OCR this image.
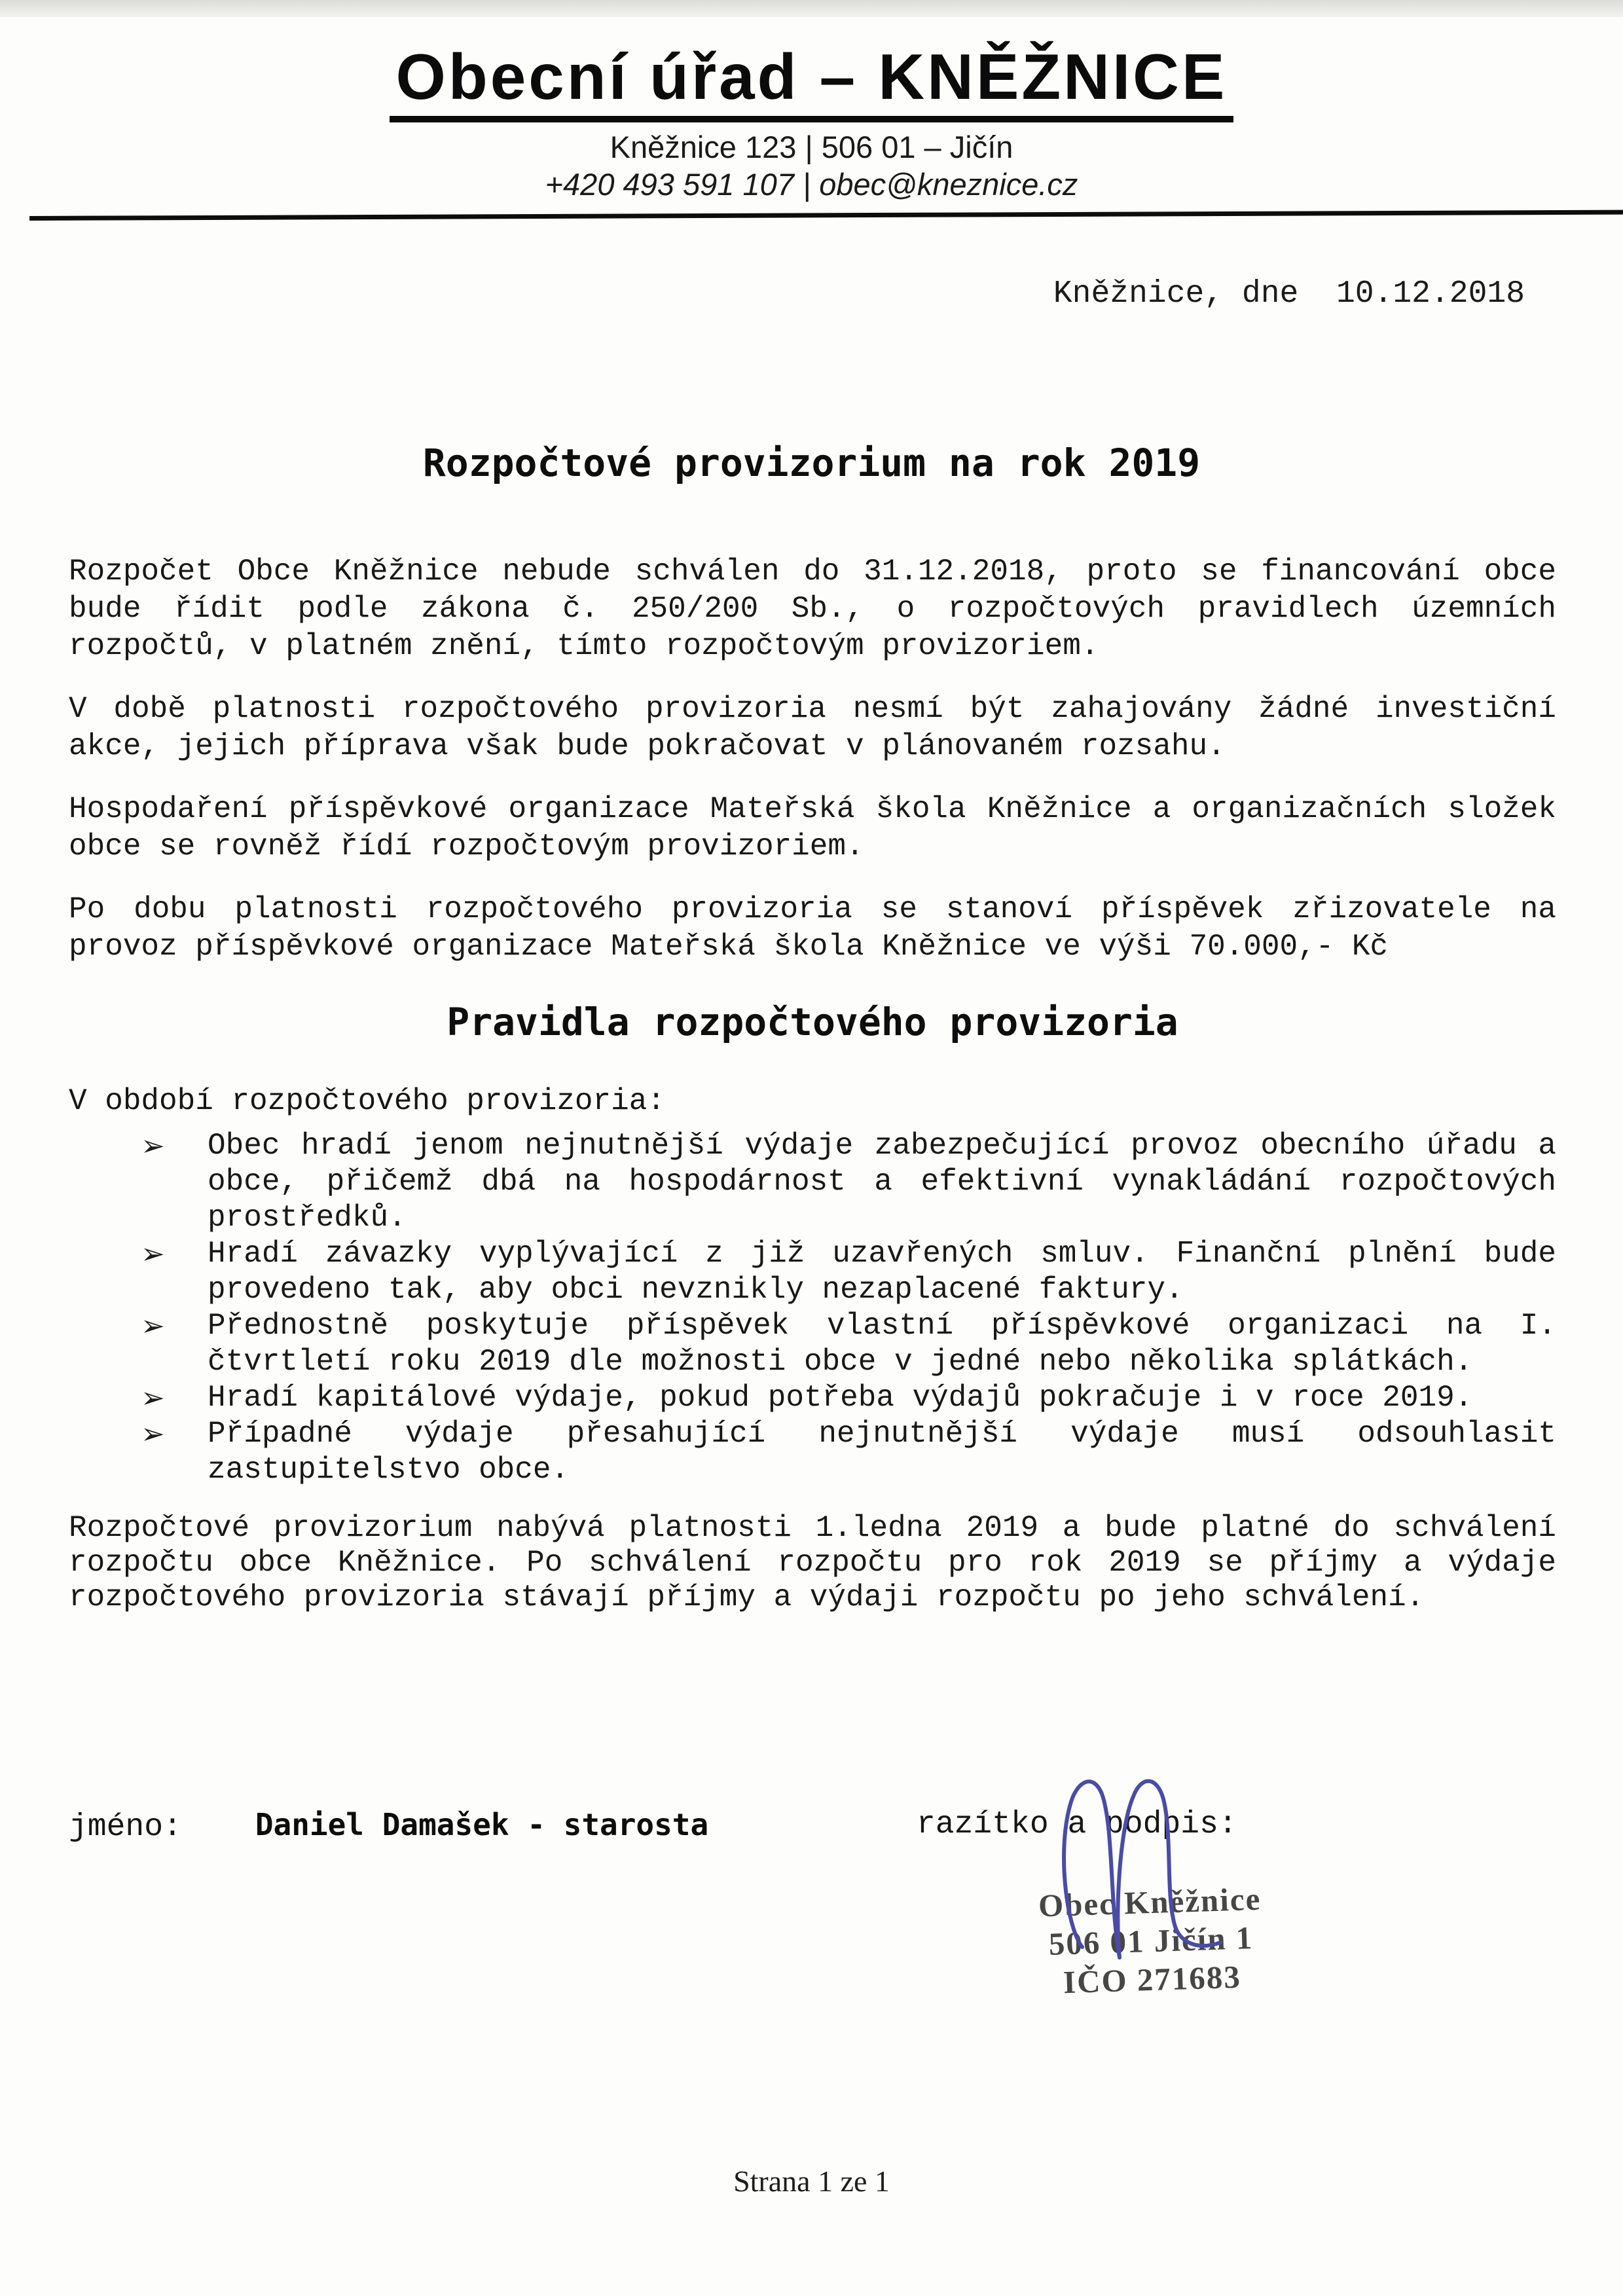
Obecní úřad – KNĚŽNICE
Kněžnice 123 | 506 01 – Jičín
+420 493 591 107 | obec@kneznice.cz
Kněžnice, dne  10.12.2018
Rozpočtové provizorium na rok 2019
Rozpočet Obce Kněžnice nebude schválen do 31.12.2018, proto se financování obce bude řídit podle zákona č. 250/200 Sb., o rozpočtových pravidlech územních rozpočtů, v platném znění, tímto rozpočtovým provizoriem.
V době platnosti rozpočtového provizoria nesmí být zahajovány žádné investiční akce, jejich příprava však bude pokračovat v plánovaném rozsahu.
Hospodaření příspěvkové organizace Mateřská škola Kněžnice a organizačních složek obce se rovněž řídí rozpočtovým provizoriem.
Po dobu platnosti rozpočtového provizoria se stanoví příspěvek zřizovatele na provoz příspěvkové organizace Mateřská škola Kněžnice ve výši 70.000,- Kč
Pravidla rozpočtového provizoria
V období rozpočtového provizoria:
➢	Obec hradí jenom nejnutnější výdaje zabezpečující provoz obecního úřadu a obce, přičemž dbá na hospodárnost a efektivní vynakládání rozpočtových prostředků.
➢	Hradí závazky vyplývající z již uzavřených smluv. Finanční plnění bude provedeno tak, aby obci nevznikly nezaplacené faktury.
➢	Přednostně poskytuje příspěvek vlastní příspěvkové organizaci na I. čtvrtletí roku 2019 dle možnosti obce v jedné nebo několika splátkách.
➢	Hradí kapitálové výdaje, pokud potřeba výdajů pokračuje i v roce 2019.
➢	Případné výdaje přesahující nejnutnější výdaje musí odsouhlasit zastupitelstvo obce.
Rozpočtové provizorium nabývá platnosti 1.ledna 2019 a bude platné do schválení rozpočtu obce Kněžnice. Po schválení rozpočtu pro rok 2019 se příjmy a výdaje rozpočtového provizoria stávají příjmy a výdaji rozpočtu po jeho schválení.
jméno: Daniel Damašek - starosta	razítko a podpis:
Obec Kněžnice
506 01 Jičín 1
IČO 271683
Strana 1 ze 1
